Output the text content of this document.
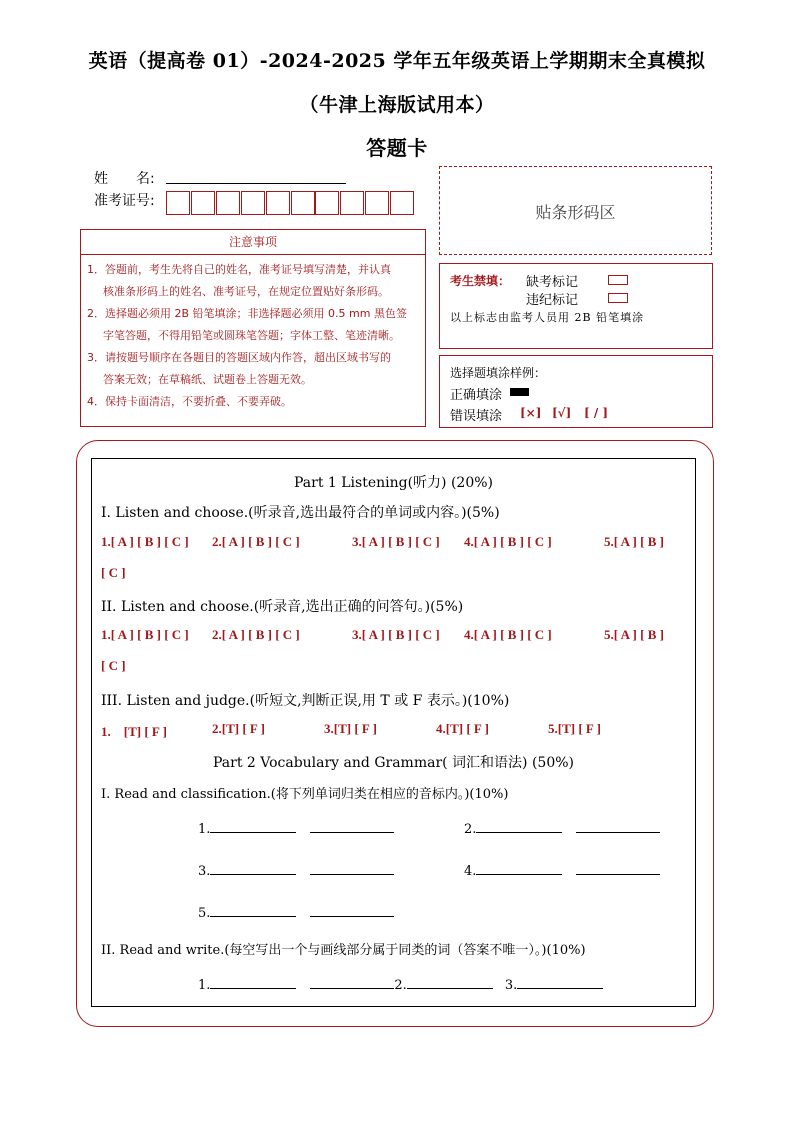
英语（提高卷 01）-2024-2025 学年五年级英语上学期期末全真模拟
（牛津上海版试用本）
答题卡
姓　　名:
准考证号:
贴条形码区
注意事项
1．答题前，考生先将自己的姓名，准考证号填写清楚，并认真
核准条形码上的姓名、准考证号，在规定位置贴好条形码。
2．选择题必须用 2B 铅笔填涂；非选择题必须用 0.5 mm 黑色签
字笔答题，不得用铅笔或圆珠笔答题；字体工整、笔迹清晰。
3．请按题号顺序在各题目的答题区域内作答，超出区域书写的
答案无效；在草稿纸、试题卷上答题无效。
4．保持卡面清洁，不要折叠、不要弄破。
考生禁填： 缺考标记
违纪标记
以上标志由监考人员用 2B 铅笔填涂
选择题填涂样例：
正确填涂
错误填涂 [×] [√] [ / ]
Part 1 Listening(听力) (20%)
I. Listen and choose.(听录音,选出最符合的单词或内容。)(5%)
1.[ A ] [ B ] [ C ] 2.[ A ] [ B ] [ C ]	3.[ A ] [ B ] [ C ] 4.[ A ] [ B ] [ C ]	5.[ A ] [ B ]
[ C ]
II. Listen and choose.(听录音,选出正确的问答句。)(5%)
1.[ A ] [ B ] [ C ] 2.[ A ] [ B ] [ C ]	3.[ A ] [ B ] [ C ] 4.[ A ] [ B ] [ C ]	5.[ A ] [ B ]
[ C ]
III. Listen and judge.(听短文,判断正误,用 T 或 F 表示。)(10%)
1.　[T] [ F ]	2.[T] [ F ]	3.[T] [ F ]	4.[T] [ F ]	5.[T] [ F ]
Part 2 Vocabulary and Grammar( 词汇和语法) (50%)
I. Read and classification.(将下列单词归类在相应的音标内。)(10%)
1.	2.
3.	4.
5.
II. Read and write.(每空写出一个与画线部分属于同类的词（答案不唯一）。)(10%)
1.	2.	3.
